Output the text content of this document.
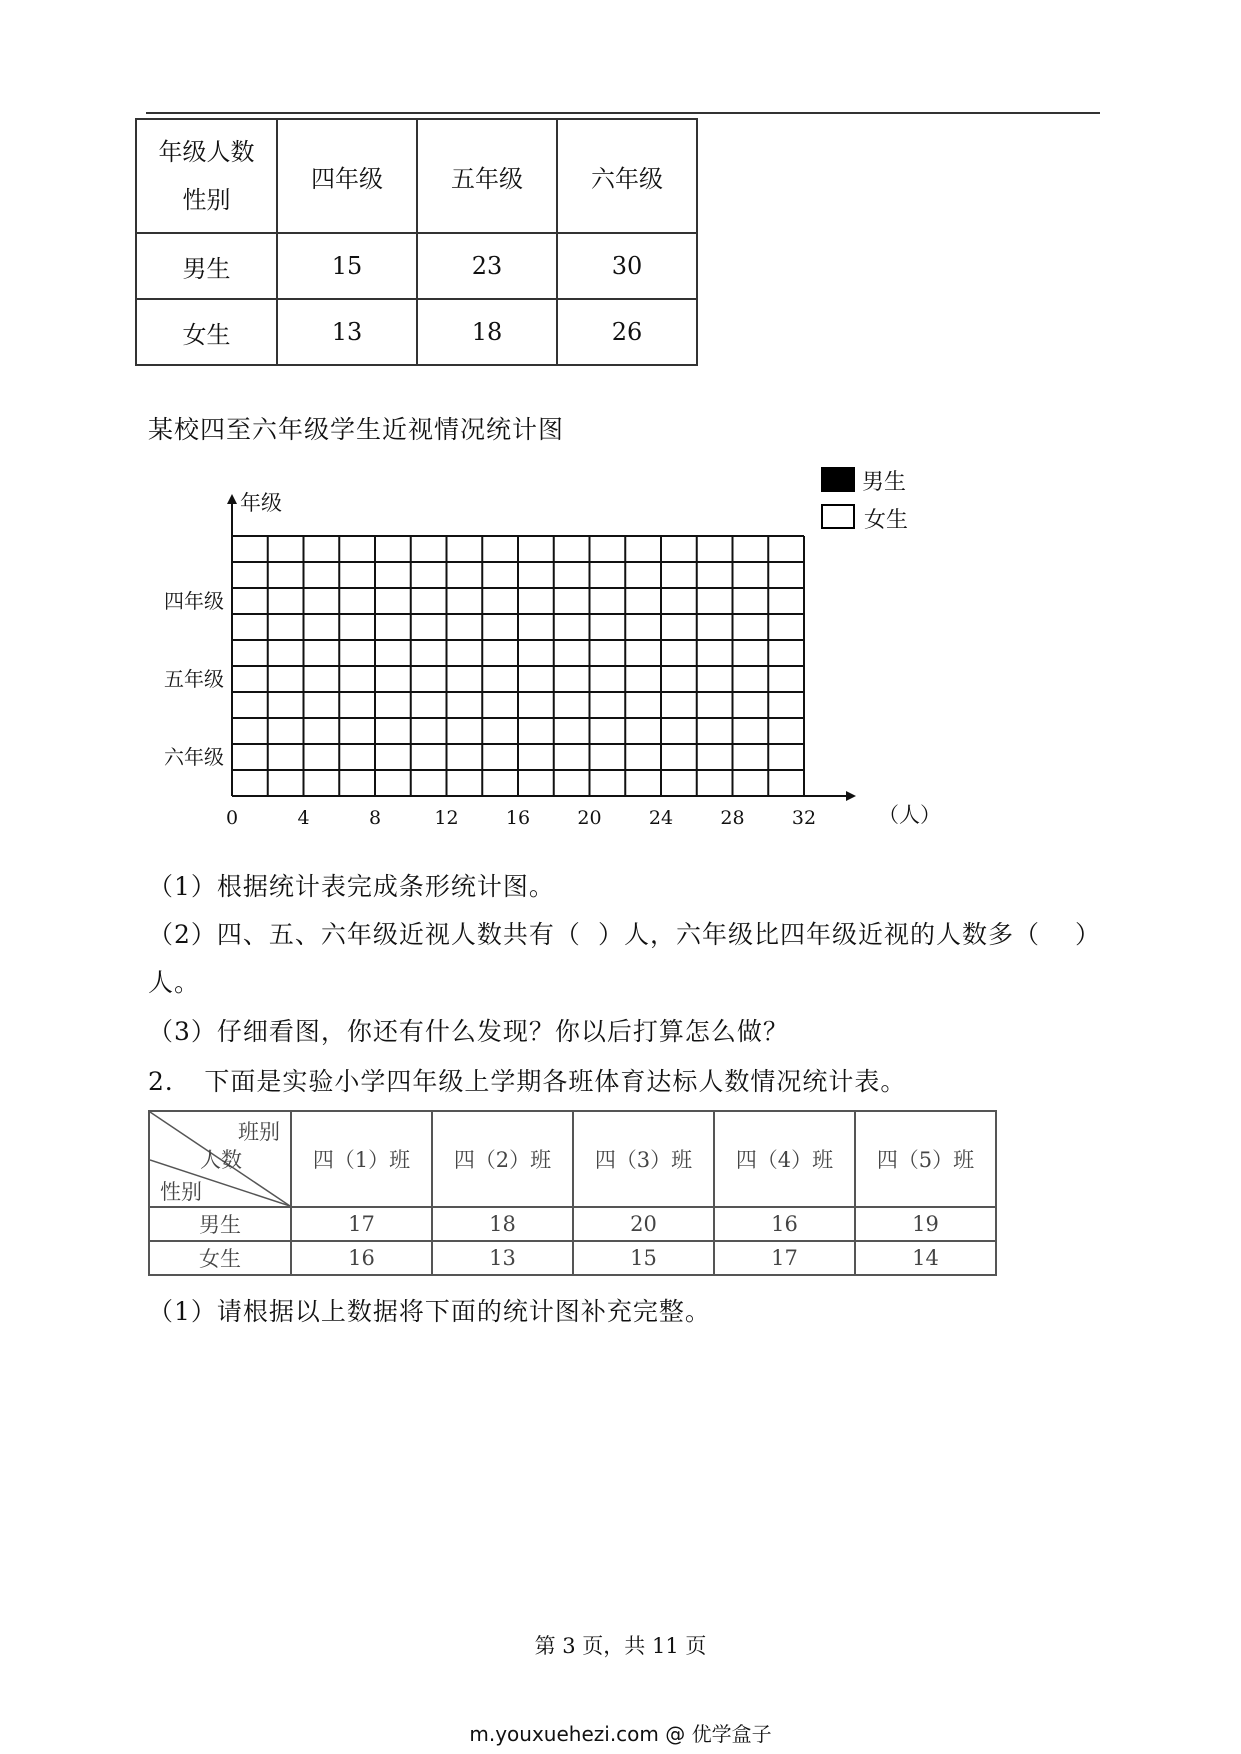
年级人数
性别	四年级	五年级	六年级
男生	15	23	30
女生	13	18	26
某校四至六年级学生近视情况统计图
0	4	8	12 16 20 24 28 32
四年级
五年级
六年级
年级
（人）
男生
女生
（1）根据统计表完成条形统计图。
（2）四、五、六年级近视人数共有（ ）人，六年级比四年级近视的人数多（ ）
人。
（3）仔细看图，你还有什么发现？你以后打算怎么做？
2．　下面是实验小学四年级上学期各班体育达标人数情况统计表。
班别
人数
性别	四（1）班	四（2）班	四（3）班	四（4）班	四（5）班
男生	17	18	20	16	19
女生	16	13	15	17	14
（1）请根据以上数据将下面的统计图补充完整。
第 3 页，共 11 页
m.youxuehezi.com @ 优学盒子
